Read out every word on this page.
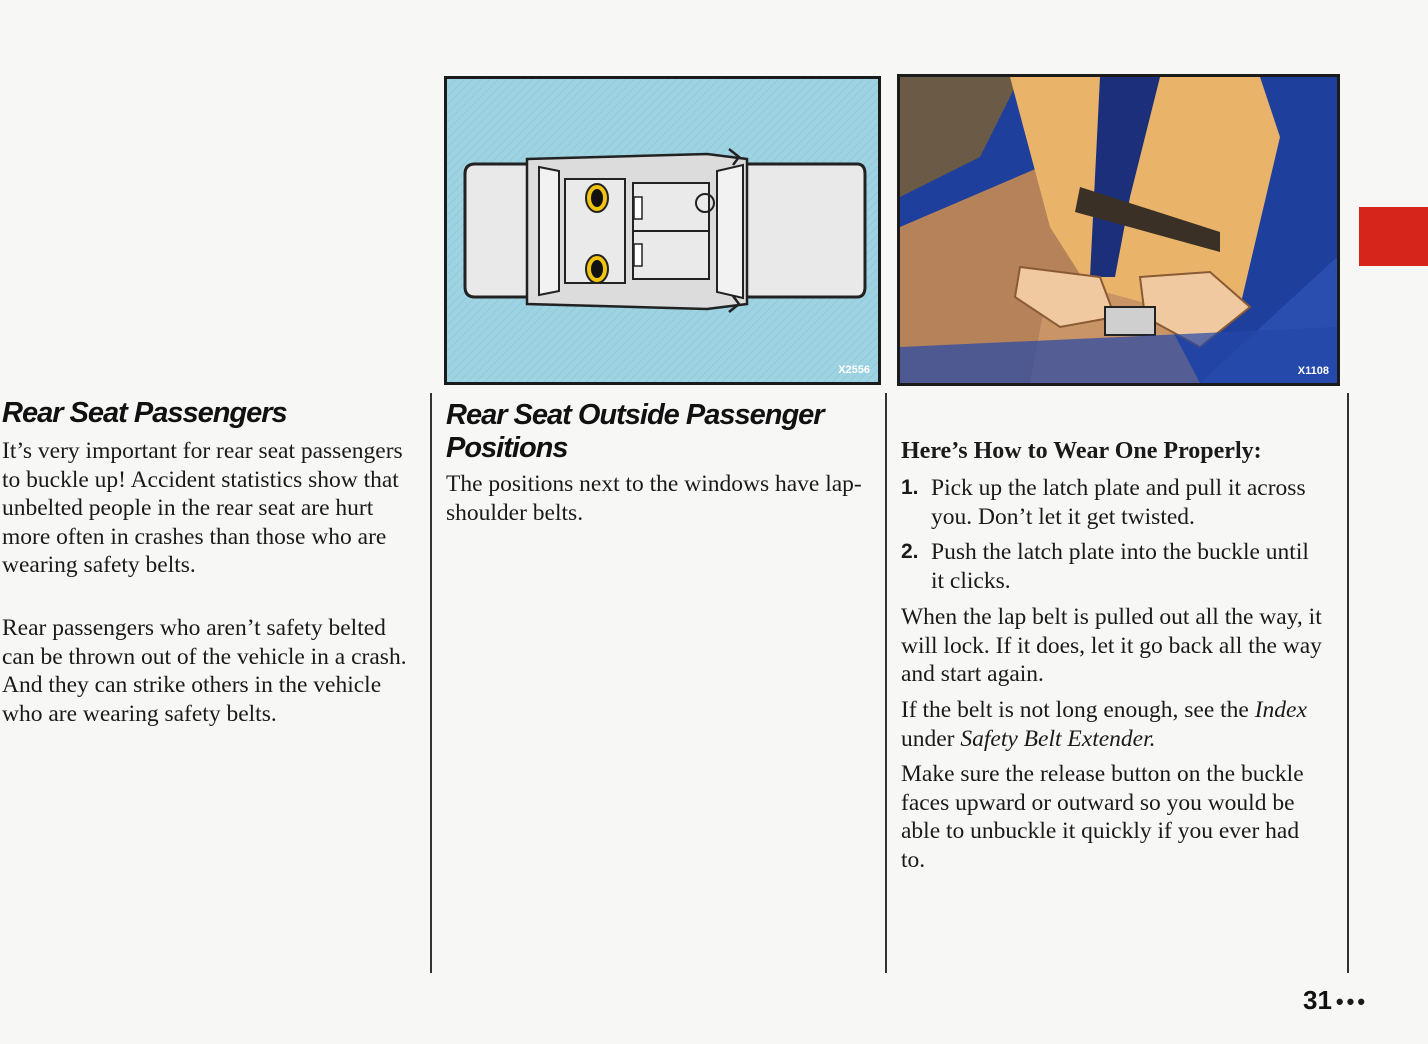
Rear Seat Passengers

It’s very important for rear seat passengers to buckle up! Accident statistics show that unbelted people in the rear seat are hurt more often in crashes than those who are wearing safety belts.

Rear passengers who aren’t safety belted can be thrown out of the vehicle in a crash. And they can strike others in the vehicle who are wearing safety belts.

X2556	X1108
Rear Seat Outside Passenger Positions

The positions next to the windows have lap-shoulder belts.

Here’s How to Wear One Properly:
1. Pick up the latch plate and pull it across you. Don’t let it get twisted.
2. Push the latch plate into the buckle until it clicks.

When the lap belt is pulled out all the way, it will lock. If it does, let it go back all the way and start again.

If the belt is not long enough, see the Index under Safety Belt Extender.

Make sure the release button on the buckle faces upward or outward so you would be able to unbuckle it quickly if you ever had to.

31 •••
